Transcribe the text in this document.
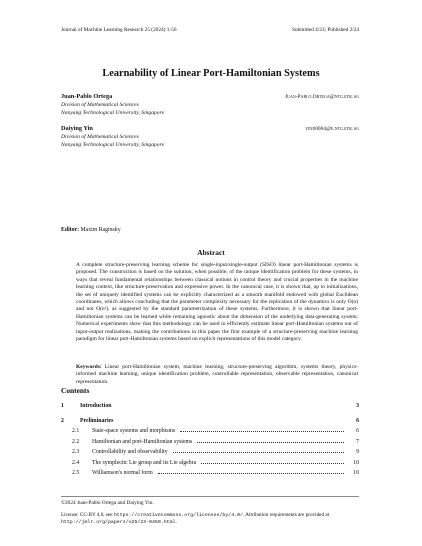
Journal of Machine Learning Research 25 (2024) 1-56	Submitted 4/23; Published 2/24
Learnability of Linear Port-Hamiltonian Systems
Juan-Pablo Ortega	Juan-Pablo.Ortega@ntu.edu.sg
Division of Mathematical Sciences
Nanyang Technological University, Singapore
Daiying Yin	yind0004@e.ntu.edu.sg
Division of Mathematical Sciences
Nanyang Technological University, Singapore
Editor: Maxim Raginsky
Abstract
A complete structure-preserving learning scheme for single-input/single-output (SISO) linear port-Hamiltonian systems is proposed. The construction is based on the solution, when possible, of the unique identification problem for these systems, in ways that reveal fundamental relationships between classical notions in control theory and crucial properties in the machine learning context, like structure-preservation and expressive power. In the canonical case, it is shown that, up to initializations, the set of uniquely identified systems can be explicitly characterized as a smooth manifold endowed with global Euclidean coordinates, which allows concluding that the parameter complexity necessary for the replication of the dynamics is only O(n) and not O(n²), as suggested by the standard parametrization of these systems. Furthermore, it is shown that linear port-Hamiltonian systems can be learned while remaining agnostic about the dimension of the underlying data-generating system. Numerical experiments show that this methodology can be used to efficiently estimate linear port-Hamiltonian systems out of input-output realizations, making the contributions in this paper the first example of a structure-preserving machine learning paradigm for linear port-Hamiltonian systems based on explicit representations of this model category.
Keywords: Linear port-Hamiltonian system, machine learning, structure-preserving algorithm, systems theory, physics-informed machine learning, unique identification problem, controllable representation, observable representation, canonical representation.
Contents
1	Introduction	3
2	Preliminaries	6
2.1	State-space systems and morphisms	6
2.2	Hamiltonian and port-Hamiltonian systems	7
2.3	Controllability and observability	9
2.4	The symplectic Lie group and its Lie algebra	10
2.5	Williamson's normal form	10
©2024 Juan-Pablo Ortega and Daiying Yin.
License: CC-BY 4.0, see https://creativecommons.org/licenses/by/4.0/. Attribution requirements are provided at http://jmlr.org/papers/v25/23-0450.html.
